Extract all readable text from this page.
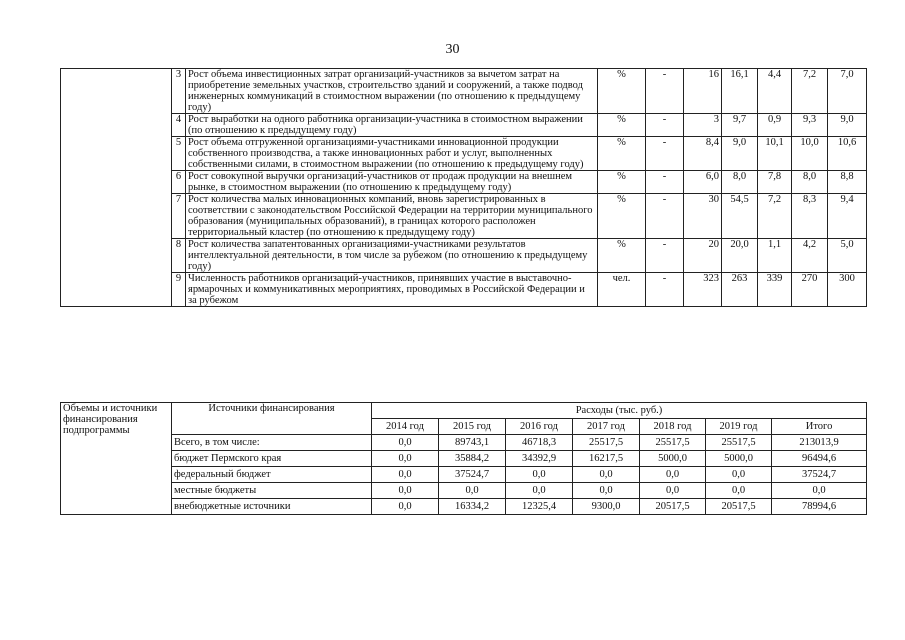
30
	3	Рост объема инвестиционных затрат организаций-участников за вычетом затрат на приобретение земельных участков, строительство зданий и сооружений, а также подвод инженерных коммуникаций в стоимостном выражении (по отношению к предыдущему году)	%	-	16	16,1	4,4	7,2	7,0
	4	Рост выработки на одного работника организации-участника в стоимостном выражении (по отношению к предыдущему году)	%	-	3	9,7	0,9	9,3	9,0
	5	Рост объема отгруженной организациями-участниками инновационной продукции собственного производства, а также инновационных работ и услуг, выполненных собственными силами, в стоимостном выражении (по отношению к предыдущему году)	%	-	8,4	9,0	10,1	10,0	10,6
	6	Рост совокупной выручки организаций-участников от продаж продукции на внешнем рынке, в стоимостном выражении (по отношению к предыдущему году)	%	-	6,0	8,0	7,8	8,0	8,8
	7	Рост количества малых инновационных компаний, вновь зарегистрированных в соответствии с законодательством Российской Федерации на территории муниципального образования (муниципальных образований), в границах которого расположен территориальный кластер (по отношению к предыдущему году)	%	-	30	54,5	7,2	8,3	9,4
	8	Рост количества запатентованных организациями-участниками результатов интеллектуальной деятельности, в том числе за рубежом (по отношению к предыдущему году)	%	-	20	20,0	1,1	4,2	5,0
	9	Численность работников организаций-участников, принявших участие в выставочно-ярмарочных и коммуникативных мероприятиях, проводимых в Российской Федерации и за рубежом	чел.	-	323	263	339	270	300
Объемы и источники финансирования подпрограммы	Источники финансирования	Расходы (тыс. руб.)						
		2014 год	2015 год	2016 год	2017 год	2018 год	2019 год	Итого
	Всего, в том числе:	0,0	89743,1	46718,3	25517,5	25517,5	25517,5	213013,9
	бюджет Пермского края	0,0	35884,2	34392,9	16217,5	5000,0	5000,0	96494,6
	федеральный бюджет	0,0	37524,7	0,0	0,0	0,0	0,0	37524,7
	местные бюджеты	0,0	0,0	0,0	0,0	0,0	0,0	0,0
	внебюджетные источники	0,0	16334,2	12325,4	9300,0	20517,5	20517,5	78994,6
